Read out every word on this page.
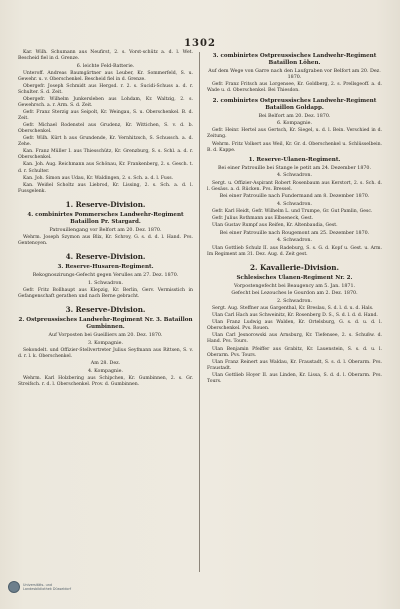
1302
Kar. Wilh. Schumann aus Neufirst, 2. s. Vorst-schütz a. d. l. Wet. Bescheid fiel in d. Grenze.
6. leichte Feld-Batterie.
Unteroff. Andreas Baumgärtner aus Leuber, Kr. Sommerfeld, S. u. Gewehr. u. v. Oberschenkel. Bescheid fiel in d. Grenze.
Obergefr. Joseph Schmidt aus Hergsd. r. 2. s. Sucidi-Schuss a. d. r. Schulter. S. d. Zeit.
Obergefr. Wilhelm Junkersleben aus Lohdam, Kr. Waltzig, 2. s. Gewehrsch. a. r. Arm. S. d. Zeit.
Gefr. Franz Sterzig aus Seipolt, Kr. Weingau, S. u. Oberschenkel. B. d. Zeit.
Gefr. Michael Rodenstel aus Grudenz, Kr. Wittichen, S. v. d. b. Oberschenkel.
Gefr. Wilh. Kürt h aus Grundende, Kr. Vernhitzsch, S. Schussch. a. d. Zehe.
Kan. Franz Müller I. aus Thiesschütz, Kr. Grenzburg, S. s. Schl. a. d. r. Oberschenkel.
Kan. Joh. Aug. Reichmann aus Schönau, Kr. Frankenberg, 2. s. Gesch. t. d. r. Schulter.
Kan. Joh. Simon aus Udau, Kr. Waldingen, 2. s. Sch. a. d. l. Fuss.
Kan. Weißel Scholtz aus Liebrod, Kr. Lissing, 2. s. Sch. a. d. l. Fussgelenk.
1. Reserve-Division.
4. combinirtes Pommersches Landwehr-Regiment Bataillon Pr. Stargard.
Patrouillengang vor Belfort am 20. Dez. 1870.
Wehrm. Joseph Szymon aus Blix, Kr. Schroy, G. s. d. d. l. Hand. Pvs. Gentenoyen.
4. Reserve-Division.
3. Reserve-Husaren-Regiment.
Rekognoszirungs-Gefecht gegen Verulles am 27. Dez. 1870.
1. Schwadron.
Gefr. Fritz Bollhaupt aus Klepzig, Kr. Berlin, Gerv. Vermisstich in Gefangenschaft gerathen und nach Berne gebracht.
3. Reserve-Division.
2. Ostpreussisches Landwehr-Regiment Nr. 3. Bataillon Gumbinnen.
Auf Vorposten bei Gueilliers am 20. Dez. 1870.
3. Kompagnie.
Sekondelt. und Offizier-Stellvertreter Julius Seyfmann aus Rittsen, S. v. d. r. l. k. Oberschenkel.
Am 28. Dez.
4. Kompagnie.
Wehrm. Karl Holzbering aus Schipchen, Kr. Gumbinnen, 2. s. Gr. Streifsch. r. d. l. Oberschenkel. Prov. d. Gumbinnen.
3. combinirtes Ostpreussisches Landwehr-Regiment Bataillon Löhen.
Auf dem Wege von Garre nach den Laufgraben vor Belfort am 20. Dez. 1870.
Gefr. Franz Fritsch aus Lorgensee, Kr. Goldberg, 2. s. Prellsgeoff. a. d. Wade u. d. Oberschenkel. Bei Thiesdon.
2. combinirtes Ostpreussisches Landwehr-Regiment Bataillon Goldapp.
Bei Belfort am 20. Dez. 1870.
6. Kompagnie.
Gefr. Heinr. Hertel aus Gertsch, Kr. Siegel, u. d. l. Bein. Verschied in d. Zeitung.
Wehrm. Fritz Volkert aus Weil, Kr. Gr. d. Oberschenkel u. Schlüsselbein. B. d. Kappe.
1. Reserve-Ulanen-Regiment.
Bei einer Patrouille bei Stange le petit am 24. Dezember 1870.
4. Schwadron.
Sergt. u. Offizier-Aspirant Robert Rosenbaum aus Kerstort, 2. s. Sch. d. l. Gesäss. a. d. Rücken. Pvs. Bressel.
Bei einer Patrouille nach Fundermand am 8. Dezember 1870.
4. Schwadron.
Gefr. Karl Heidt, Gefr. Wilhelm L. und Trumpe, Gr. Gut Pamlin, Gesc.
Gefr. Julius Rothmann aus Elbseneck, Gest.
Ulan Gustav Rumpf aus Reifen, Kr. Altenbaudia, Gest.
Bei einer Patrouille nach Rougemont am 25. Dezember 1870.
4. Schwadron.
Ulan Gottlieb Schulz II. aus Radeburg, S. s. G. d. Kopf u. Gest. u. Arm. Im Regiment am 31. Dez. Aug. d. Zeit gest.
2. Kavallerie-Division.
Schlesisches Ulanen-Regiment Nr. 2.
Vorpostengefecht bei Beaugency am 5. Jan. 1871.
Gefecht bei Lezouches le Gourdon am 2. Dez. 1870.
2. Schwadron.
Sergt. Aug. Steffner aus Gargenthal, Kr. Breslau, S. d. l. d. u. d. Hals.
Ulan Carl Hach aus Schweinitz, Kr. Rosenberg D. S., S. d. l. d. d. Hand.
Ulan Franz Ludwig aus Walden, Kr. Ortelsburg, G. s. d. u. d. l. Oberschenkel. Pvs. Rouen.
Ulan Carl Jesnorowski aus Arnsburg, Kr. Tiefensee, 2. s. Schußw. d. Hand. Pvs. Tours.
Ulan Benjamin Pfeiffer aus Grabitz, Kr. Lauenstein, S. s. d. u. l. Oberarm. Pvs. Tours.
Ulan Franz Reinert aus Waldau, Kr. Fraustadt, S. s. d. l. Oberarm. Pvs. Fraustadt.
Ulan Gottlieb Hoyer II. aus Linden, Kr. Lissa, S. d. d. l. Oberarm. Pvs. Tours.
Universitäts- und
Landesbibliothek Düsseldorf
